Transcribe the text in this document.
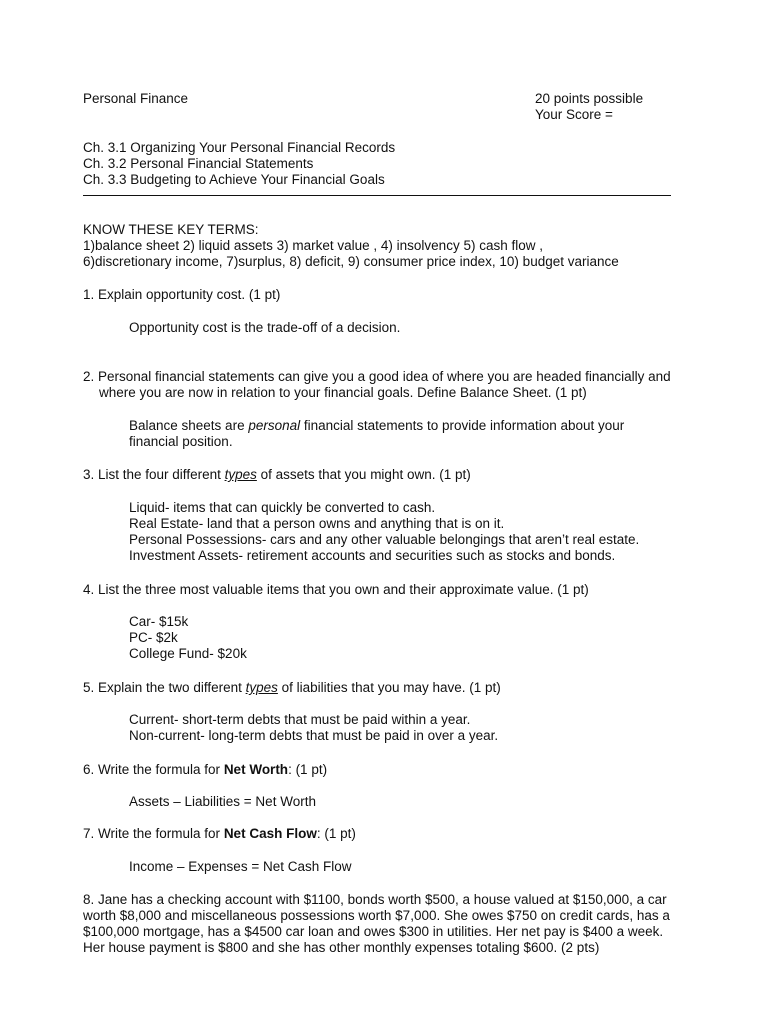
Personal Finance	20 points possible
Your Score =
Ch. 3.1 Organizing Your Personal Financial Records
Ch. 3.2 Personal Financial Statements
Ch. 3.3 Budgeting to Achieve Your Financial Goals
KNOW THESE KEY TERMS:
1)balance sheet 2) liquid assets 3) market value , 4) insolvency 5) cash flow ,
6)discretionary income, 7)surplus, 8) deficit, 9) consumer price index, 10) budget variance
1. Explain opportunity cost. (1 pt)
Opportunity cost is the trade-off of a decision.
2. Personal financial statements can give you a good idea of where you are headed financially and
where you are now in relation to your financial goals. Define Balance Sheet. (1 pt)
Balance sheets are personal financial statements to provide information about your
financial position.
3. List the four different types of assets that you might own. (1 pt)
Liquid- items that can quickly be converted to cash.
Real Estate- land that a person owns and anything that is on it.
Personal Possessions- cars and any other valuable belongings that aren’t real estate.
Investment Assets- retirement accounts and securities such as stocks and bonds.
4. List the three most valuable items that you own and their approximate value. (1 pt)
Car- $15k
PC- $2k
College Fund- $20k
5. Explain the two different types of liabilities that you may have. (1 pt)
Current- short-term debts that must be paid within a year.
Non-current- long-term debts that must be paid in over a year.
6. Write the formula for Net Worth: (1 pt)
Assets – Liabilities = Net Worth
7. Write the formula for Net Cash Flow: (1 pt)
Income – Expenses = Net Cash Flow
8. Jane has a checking account with $1100, bonds worth $500, a house valued at $150,000, a car
worth $8,000 and miscellaneous possessions worth $7,000. She owes $750 on credit cards, has a
$100,000 mortgage, has a $4500 car loan and owes $300 in utilities. Her net pay is $400 a week.
Her house payment is $800 and she has other monthly expenses totaling $600. (2 pts)
